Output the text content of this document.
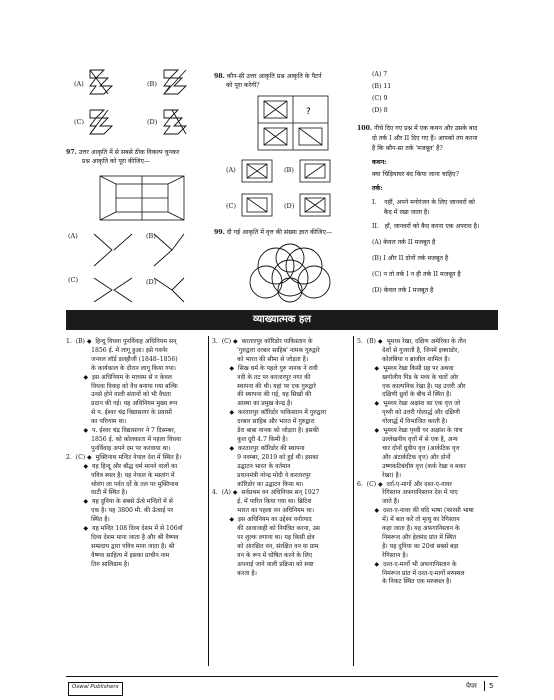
(A)	(B)
(C)	(D)
97. उत्तर आकृति में से सबसे ठीक विकल्प चुनकर
प्रश्न आकृति को पूरा कीजिए—
(A)	(B)
(C)	(D)
98. कौन-सी उत्तर आकृति प्रश्न आकृति के पैटर्न
को पूरा करेगी?
?
(A)	(B)
(C)	(D)
99. दी गई आकृति में वृत्त की संख्या ज्ञात कीजिए—
(A) 7
(B) 11
(C) 9
(D) 8
100. नीचे दिए गए प्रश्न में एक कथन और उसके बाद
दो तर्क I और II दिए गए हैं। आपको तय करना
है कि कौन-सा तर्क 'मजबूत' है?
कथन:
क्या चिड़ियाघर बंद किया जाना चाहिए?
तर्क:
I.    नहीं, अपने मनोरंजन के लिए जानवरों को
कैद में रखा जाता है।
II.   हाँ, जानवरों को कैद करना एक अपराध है।
(A) केवल तर्क II मजबूत है
(B) I और II दोनों तर्क मजबूत है
(C) न तो तर्क I न ही तर्क II मजबूत है
(D) केवल तर्क I मजबूत है
व्याख्यात्मक हल
1.  (B) ◆  हिन्दू विधवा पुनर्विवाह अधिनियम सन्
1856 ई. में लागू हुआ। इसे गवर्नर
जनरल लॉर्ड डलहौजी (1848–1856)
के कार्यकाल के दौरान लागू किया गया।
◆  इस अधिनियम के माध्यम से न केवल
विधवा विवाह को वैध बनाया गया बल्कि
उनसे होने वाली संतानों को भी वैधता
प्रदान की गई। यह अधिनियम मुख्य रूप
से प. ईश्वर चंद्र विद्यासागर के प्रयासों
का परिणाम था।
◆  प. ईश्वर चंद्र विद्यासागर ने 7 दिसम्बर,
1856 ई. को कोलकाता में पहला विधवा
पुनर्विवाह अपने दम पर करवाया था।
2.  (C) ◆  मुक्तिनाथ मन्दिर नेपाल देश में स्थित है।
◆  यह हिन्दू और बौद्ध धर्म मानने वालों का
पवित्र स्थल है। यह नेपाल के मस्तांग में
थोरांग ला पर्वत दर्रे के तल पर मुक्तिनाथ
घाटी में स्थित है।
◆  यह दुनिया के सबसे ऊँचे मन्दिरों में से
एक है। यह 3800 मी. की ऊँचाई पर
स्थित है।
◆  यह मन्दिर 108 दिव्य देशम में से 106वाँ
दिव्य देशम माना जाता है और श्री वैष्णव
सम्प्रदाय द्वारा पवित्र माना जाता है। श्री
वैष्णव साहित्य में इसका प्राचीन नाम
तिरु सालिग्राम है।
3.  (C) ◆  करतारपुर कॉरिडोर पाकिस्तान के
'गुरुद्वारा दरबार साहिब' नामक गुरुद्वारे
को भारत की सीमा से जोड़ता है।
◆  सिख धर्म के पहले गुरु नानक ने रावी
नदी के तट पर करतारपुर नगर की
स्थापना की थी। यहां पर एक गुरुद्वारे
की स्थापना की गई, यह सिखों की
आस्था का प्रमुख केन्द्र है।
◆  करतारपुर कॉरिडोर पाकिस्तान में गुरुद्वारा
दरबार साहिब और भारत में गुरुद्वारा
डेरा बाबा नानक को जोड़ता है। इसकी
कुल दूरी 4.7 किमी है।
◆  करतारपुर कॉरिडोर की स्थापना
9 नवम्बर, 2019 को हुई थी। इसका
उद्घाटन भारत के वर्तमान
प्रधानमंत्री नरेन्द्र मोदी ने करतारपुर
कॉरिडोर का उद्घाटन किया था।
4.  (A) ◆  सर्वप्रथम वन अधिनियम सन् 1927
ई. में पारित किया गया था। ब्रिटिश
भारत का पहला वन अधिनियम था।
◆  इस अधिनियम का उद्देश्य वनोत्पाद
की आवाजाही को नियंत्रित करना, उस
पर शुल्क लगाना था। यह किसी क्षेत्र
को आरक्षित वन, संरक्षित वन या ग्राम
वन के रूप में घोषित करने के लिए
अपनाई जाने वाली प्रक्रिया को स्पष्ट
करता है।
5.  (B) ◆  भूमध्य रेखा, दक्षिण अमेरिका के तीन
देशों से गुजरती है, जिनमें इक्वाडोर,
कोलंबिया व ब्राजील शामिल है।
◆  भूमध्य रेखा किसी ग्रह पर अथवा
खगोलीय पिंड के मध्य के चारों ओर
एक काल्पनिक रेखा है। यह उत्तरी और
दक्षिणी ध्रुवों के बीच में स्थित है।
◆  भूमध्य रेखा अक्षांश का एक वृत्त जो
पृथ्वी को उत्तरी गोलार्द्ध और दक्षिणी
गोलार्द्ध में विभाजित करती है।
◆  भूमध्य रेखा पृथ्वी पर अक्षांश के पांच
उल्लेखनीय वृत्तों में से एक है, अन्य
चार दोनों ध्रुवीय वृत्त (आर्कटिक वृत्त
और अंटार्कटिक वृत्त) और दोनों
उष्णकटिबंधीय वृत्त (कर्क रेखा व मकर
रेखा) है।
6.  (C) ◆  दर्रा-ए-मार्गो और दश्त-ए-नावर
रेगिस्तान अफगानिस्तान देश में पाए
जाते हैं।
◆  दश्त-ए-नावर की यदि भाषा (फारसी भाषा
में) में बात करें तो मृत्यु का रेगिस्तान
कहा जाता है। यह अफगानिस्तान के
निमरूज और हेलमंद प्रांत में स्थित
है। यह दुनिया का 20वां सबसे बड़ा
रेगिस्तान है।
◆  दश्त-ए-मार्गो भी अफगानिस्तान के
निमरूज प्रांत में दश्त-ए-मार्गो मरुस्थल
के निकट स्थित एक मरुस्थल है।
Oswal Publishers	पेपर 5
